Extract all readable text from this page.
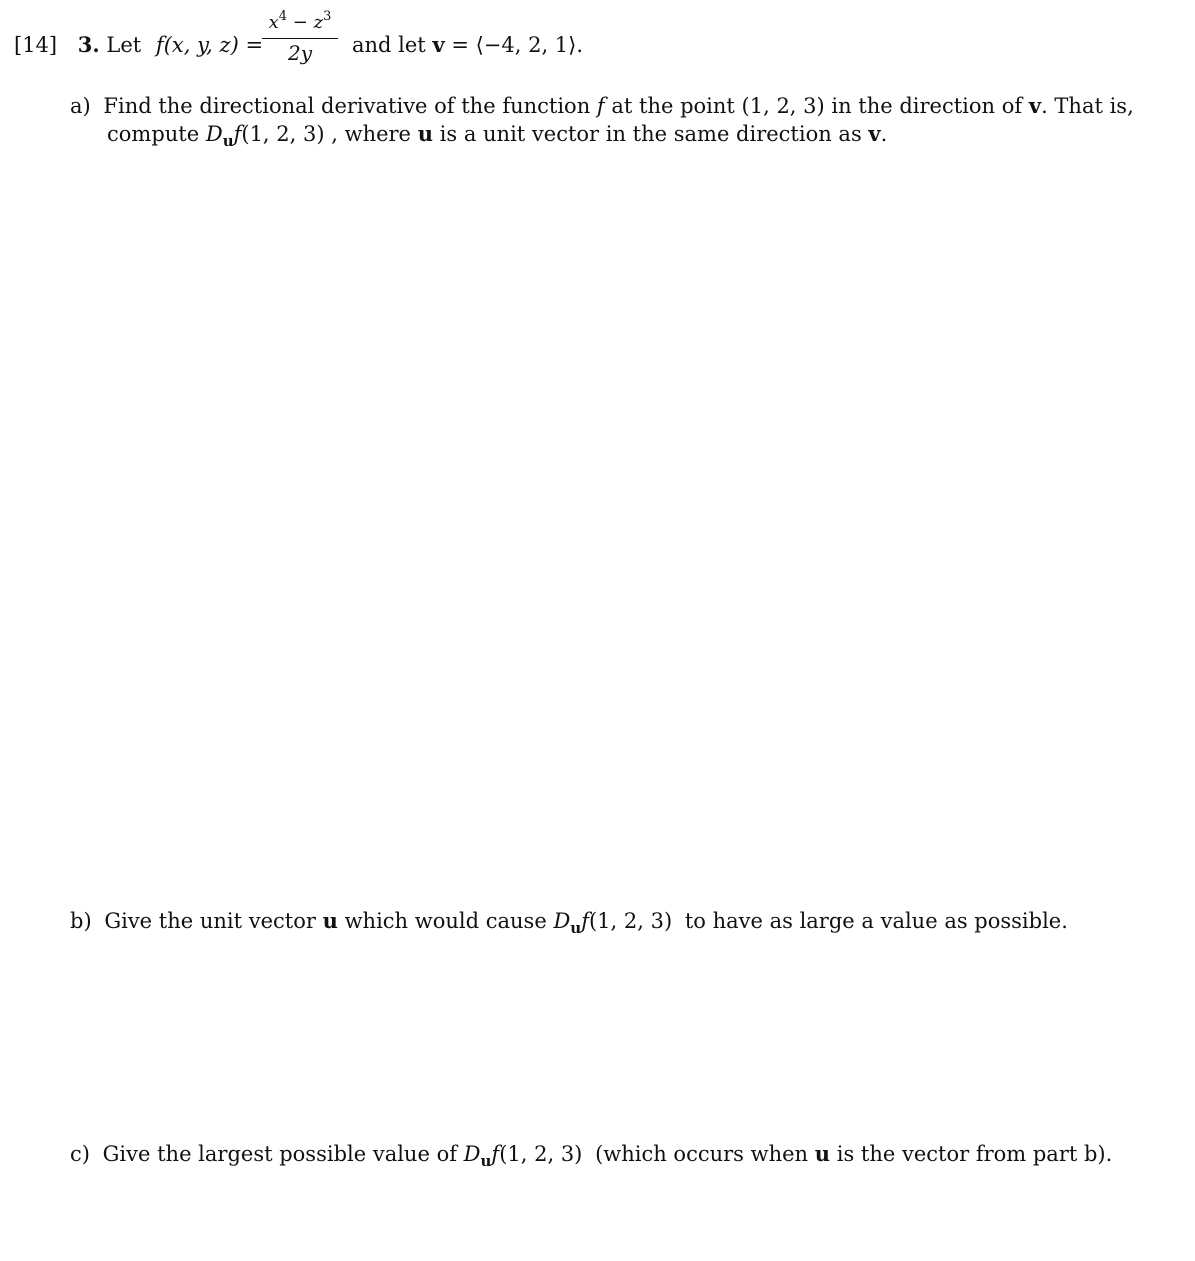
[14] 3. Let f(x, y, z) =
$x^4 - z^3$
2y	and let v = ⟨−4, 2, 1⟩.
a) Find the directional derivative of the function f at the point (1, 2, 3) in the direction of v. That is,
compute $D_uf(1$, 2, 3) , where u is a unit vector in the same direction as v.
b) Give the unit vector u which would cause $D_uf(1$, 2, 3) to have as large a value as possible.
c) Give the largest possible value of $D_uf(1$, 2, 3) (which occurs when u is the vector from part b).
